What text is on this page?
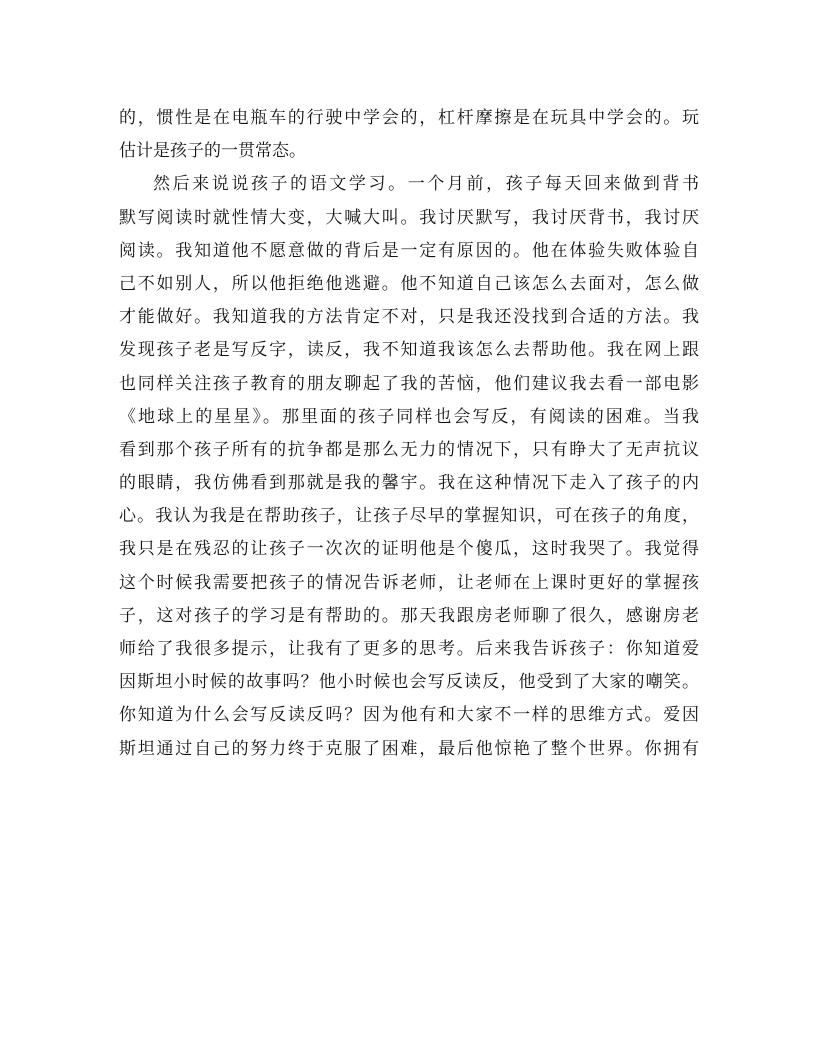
的，惯性是在电瓶车的行驶中学会的，杠杆摩擦是在玩具中学会的。玩
估计是孩子的一贯常态。
然后来说说孩子的语文学习。一个月前，孩子每天回来做到背书
默写阅读时就性情大变，大喊大叫。我讨厌默写，我讨厌背书，我讨厌
阅读。我知道他不愿意做的背后是一定有原因的。他在体验失败体验自
己不如别人，所以他拒绝他逃避。他不知道自己该怎么去面对，怎么做
才能做好。我知道我的方法肯定不对，只是我还没找到合适的方法。我
发现孩子老是写反字，读反，我不知道我该怎么去帮助他。我在网上跟
也同样关注孩子教育的朋友聊起了我的苦恼，他们建议我去看一部电影
《地球上的星星》。那里面的孩子同样也会写反，有阅读的困难。当我
看到那个孩子所有的抗争都是那么无力的情况下，只有睁大了无声抗议
的眼睛，我仿佛看到那就是我的馨宇。我在这种情况下走入了孩子的内
心。我认为我是在帮助孩子，让孩子尽早的掌握知识，可在孩子的角度，
我只是在残忍的让孩子一次次的证明他是个傻瓜，这时我哭了。我觉得
这个时候我需要把孩子的情况告诉老师，让老师在上课时更好的掌握孩
子，这对孩子的学习是有帮助的。那天我跟房老师聊了很久，感谢房老
师给了我很多提示，让我有了更多的思考。后来我告诉孩子：你知道爱
因斯坦小时候的故事吗？他小时候也会写反读反，他受到了大家的嘲笑。
你知道为什么会写反读反吗？因为他有和大家不一样的思维方式。爱因
斯坦通过自己的努力终于克服了困难，最后他惊艳了整个世界。你拥有
